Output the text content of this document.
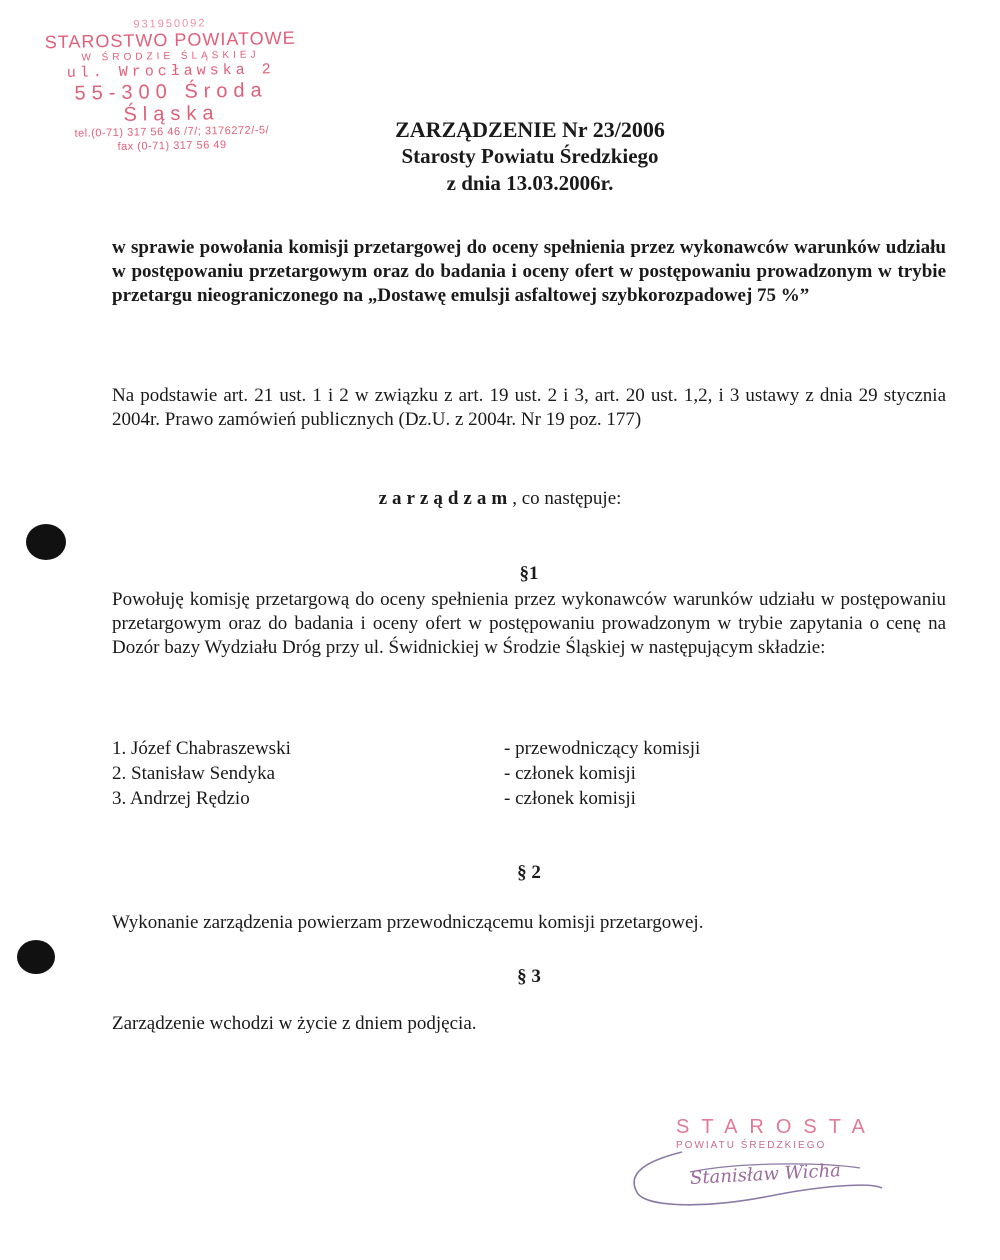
931950092
STAROSTWO POWIATOWE
W ŚRODZIE ŚLĄSKIEJ
ul. Wrocławska 2
55-300 Środa Śląska
tel.(0-71) 317 56 46 /7/; 3176272/-5/
fax (0-71) 317 56 49
ZARZĄDZENIE Nr 23/2006
Starosty Powiatu Średzkiego
z dnia 13.03.2006r.
w sprawie powołania komisji przetargowej do oceny spełnienia przez wykonawców warunków udziału w postępowaniu przetargowym oraz do badania i oceny ofert w postępowaniu prowadzonym w trybie przetargu nieograniczonego na „Dostawę emulsji asfaltowej szybkorozpadowej 75 %”
Na podstawie art. 21 ust. 1 i 2 w związku z art. 19 ust. 2 i 3, art. 20 ust. 1,2, i 3 ustawy z dnia 29 stycznia 2004r. Prawo zamówień publicznych (Dz.U. z 2004r. Nr 19 poz. 177)
zarządzam, co następuje:
§1
Powołuję komisję przetargową do oceny spełnienia przez wykonawców warunków udziału w postępowaniu przetargowym oraz do badania i oceny ofert w postępowaniu prowadzonym w trybie zapytania o cenę na Dozór bazy Wydziału Dróg przy ul. Świdnickiej w Środzie Śląskiej w następującym składzie:
1. Józef Chabraszewski	- przewodniczący komisji
2. Stanisław Sendyka	- członek komisji
3. Andrzej Rędzio	- członek komisji
§ 2
Wykonanie zarządzenia powierzam przewodniczącemu komisji przetargowej.
§ 3
Zarządzenie wchodzi w życie z dniem podjęcia.
STAROSTA
POWIATU ŚREDZKIEGO
Stanisław Wicha
